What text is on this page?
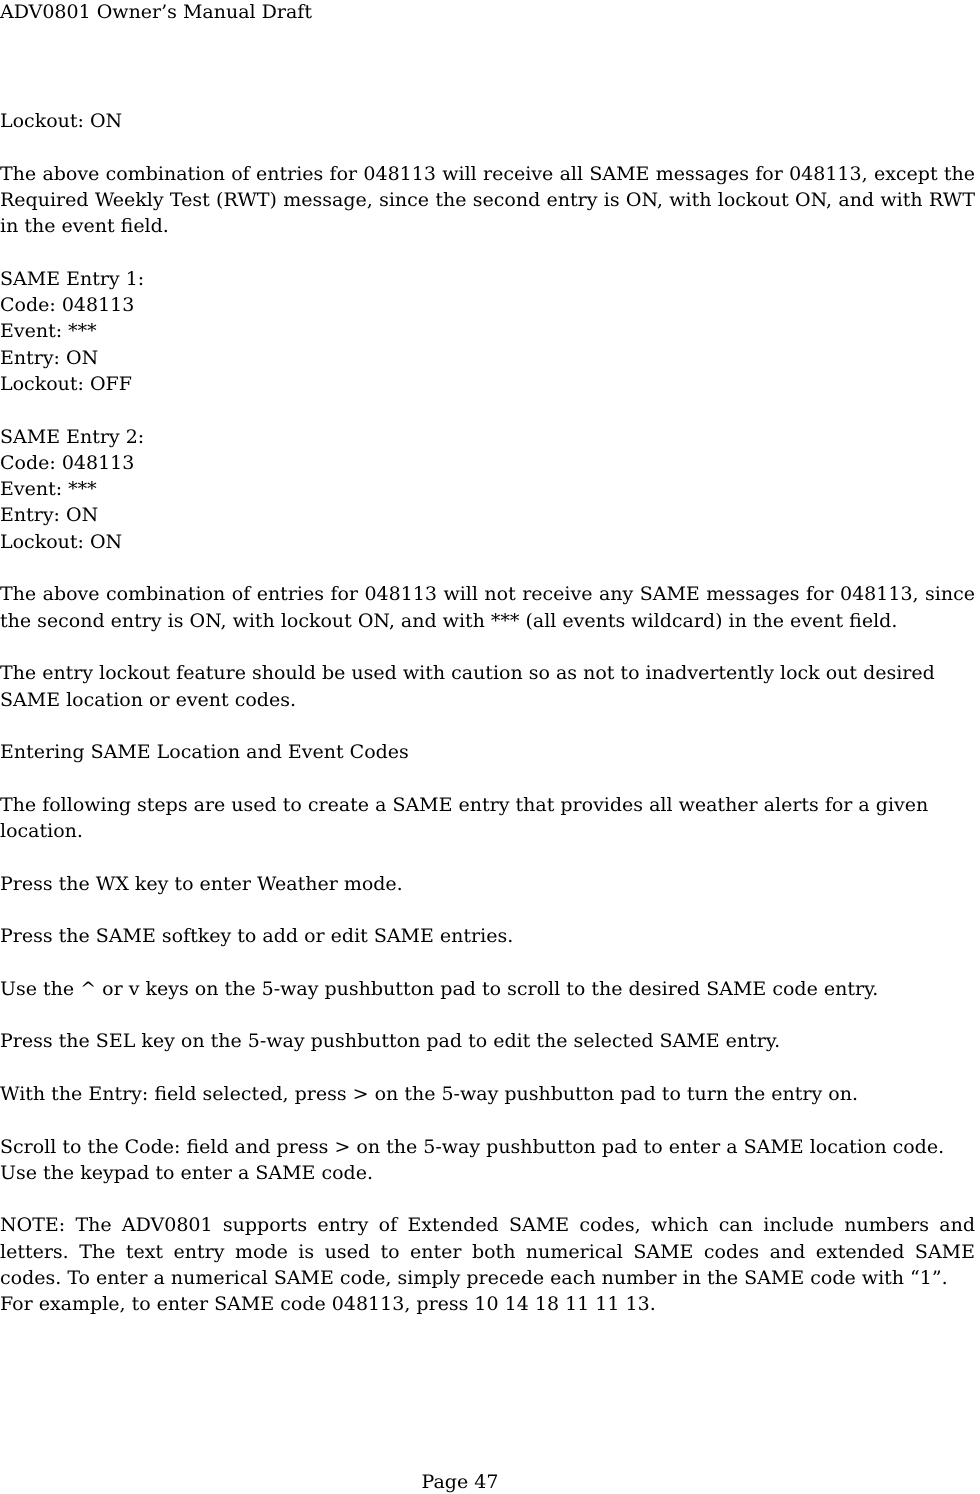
ADV0801 Owner’s Manual Draft

Lockout: ON

The above combination of entries for 048113 will receive all SAME messages for 048113, except the Required Weekly Test (RWT) message, since the second entry is ON, with lockout ON, and with RWT in the event field.

SAME Entry 1:
Code: 048113
Event: ***
Entry: ON
Lockout: OFF

SAME Entry 2:
Code: 048113
Event: ***
Entry: ON
Lockout: ON

The above combination of entries for 048113 will not receive any SAME messages for 048113, since the second entry is ON, with lockout ON, and with *** (all events wildcard) in the event field.

The entry lockout feature should be used with caution so as not to inadvertently lock out desired SAME location or event codes.

Entering SAME Location and Event Codes

The following steps are used to create a SAME entry that provides all weather alerts for a given location.

Press the WX key to enter Weather mode.

Press the SAME softkey to add or edit SAME entries.

Use the ^ or v keys on the 5-way pushbutton pad to scroll to the desired SAME code entry.

Press the SEL key on the 5-way pushbutton pad to edit the selected SAME entry.

With the Entry: field selected, press > on the 5-way pushbutton pad to turn the entry on.

Scroll to the Code: field and press > on the 5-way pushbutton pad to enter a SAME location code.
Use the keypad to enter a SAME code.

NOTE: The ADV0801 supports entry of Extended SAME codes, which can include numbers and letters. The text entry mode is used to enter both numerical SAME codes and extended SAME codes. To enter a numerical SAME code, simply precede each number in the SAME code with “1”.
For example, to enter SAME code 048113, press 10 14 18 11 11 13.

Page 47
